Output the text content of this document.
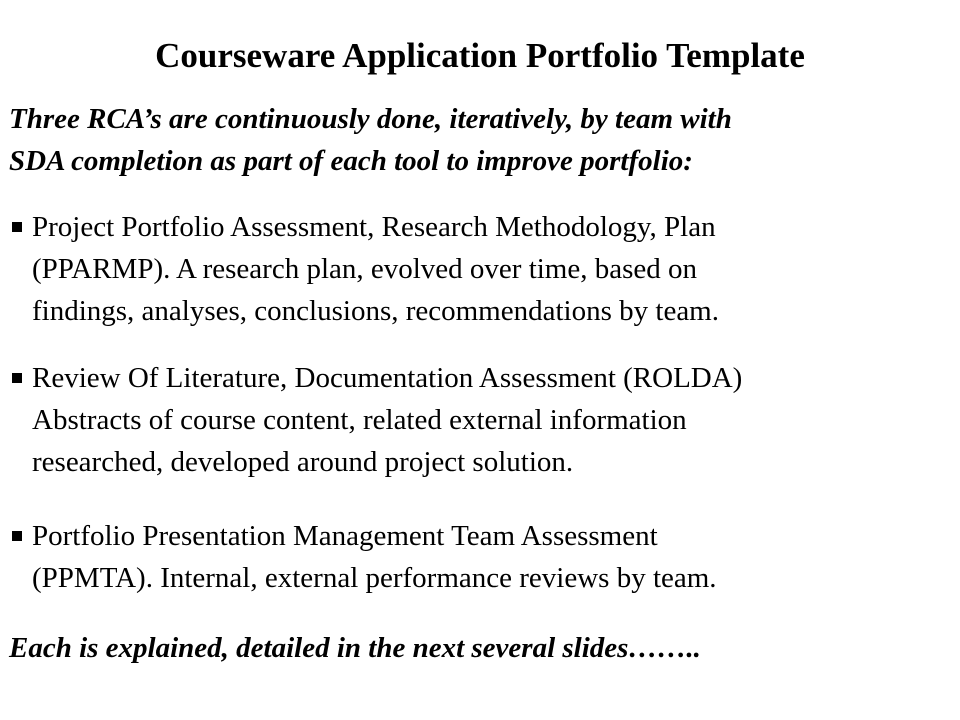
Courseware Application Portfolio Template
Three RCA’s are continuously done, iteratively, by team with
SDA completion as part of each tool to improve portfolio:
Project Portfolio Assessment, Research Methodology, Plan
(PPARMP). A research plan, evolved over time, based on
findings, analyses, conclusions, recommendations by team.
Review Of Literature, Documentation Assessment (ROLDA)
Abstracts of course content, related external information
researched, developed around project solution.
Portfolio Presentation Management Team Assessment
(PPMTA). Internal, external performance reviews by team.
Each is explained, detailed in the next several slides……..
